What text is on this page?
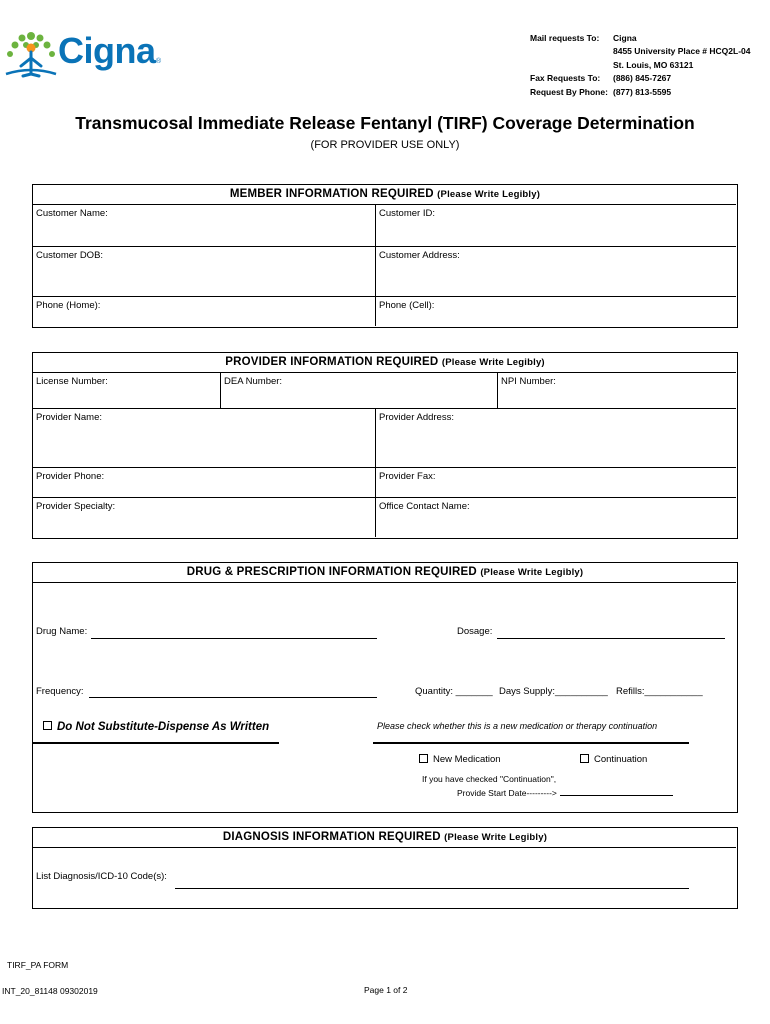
Cigna ®
Mail requests To:	Cigna
8455 University Place # HCQ2L-04
St. Louis, MO 63121
Fax Requests To:	(886) 845-7267
Request By Phone: (877) 813-5595
Transmucosal Immediate Release Fentanyl (TIRF) Coverage Determination
(FOR PROVIDER USE ONLY)
MEMBER INFORMATION REQUIRED (Please Write Legibly)
Customer Name:	Customer ID:
Customer DOB:	Customer Address:
Phone (Home):	Phone (Cell):
PROVIDER INFORMATION REQUIRED (Please Write Legibly)
License Number:	DEA Number:	NPI Number:
Provider Name:	Provider Address:
Provider Phone:	Provider Fax:
Provider Specialty:	Office Contact Name:
DRUG & PRESCRIPTION INFORMATION REQUIRED (Please Write Legibly)
Drug Name:	Dosage:
Frequency:	Quantity: _______ Days Supply:__________ Refills:___________
Do Not Substitute-Dispense As Written	Please check whether this is a new medication or therapy continuation
New Medication	Continuation
If you have checked "Continuation",
Provide Start Date--------->
DIAGNOSIS INFORMATION REQUIRED (Please Write Legibly)
List Diagnosis/ICD-10 Code(s):
TIRF_PA FORM
INT_20_81148 09302019	Page 1 of 2
